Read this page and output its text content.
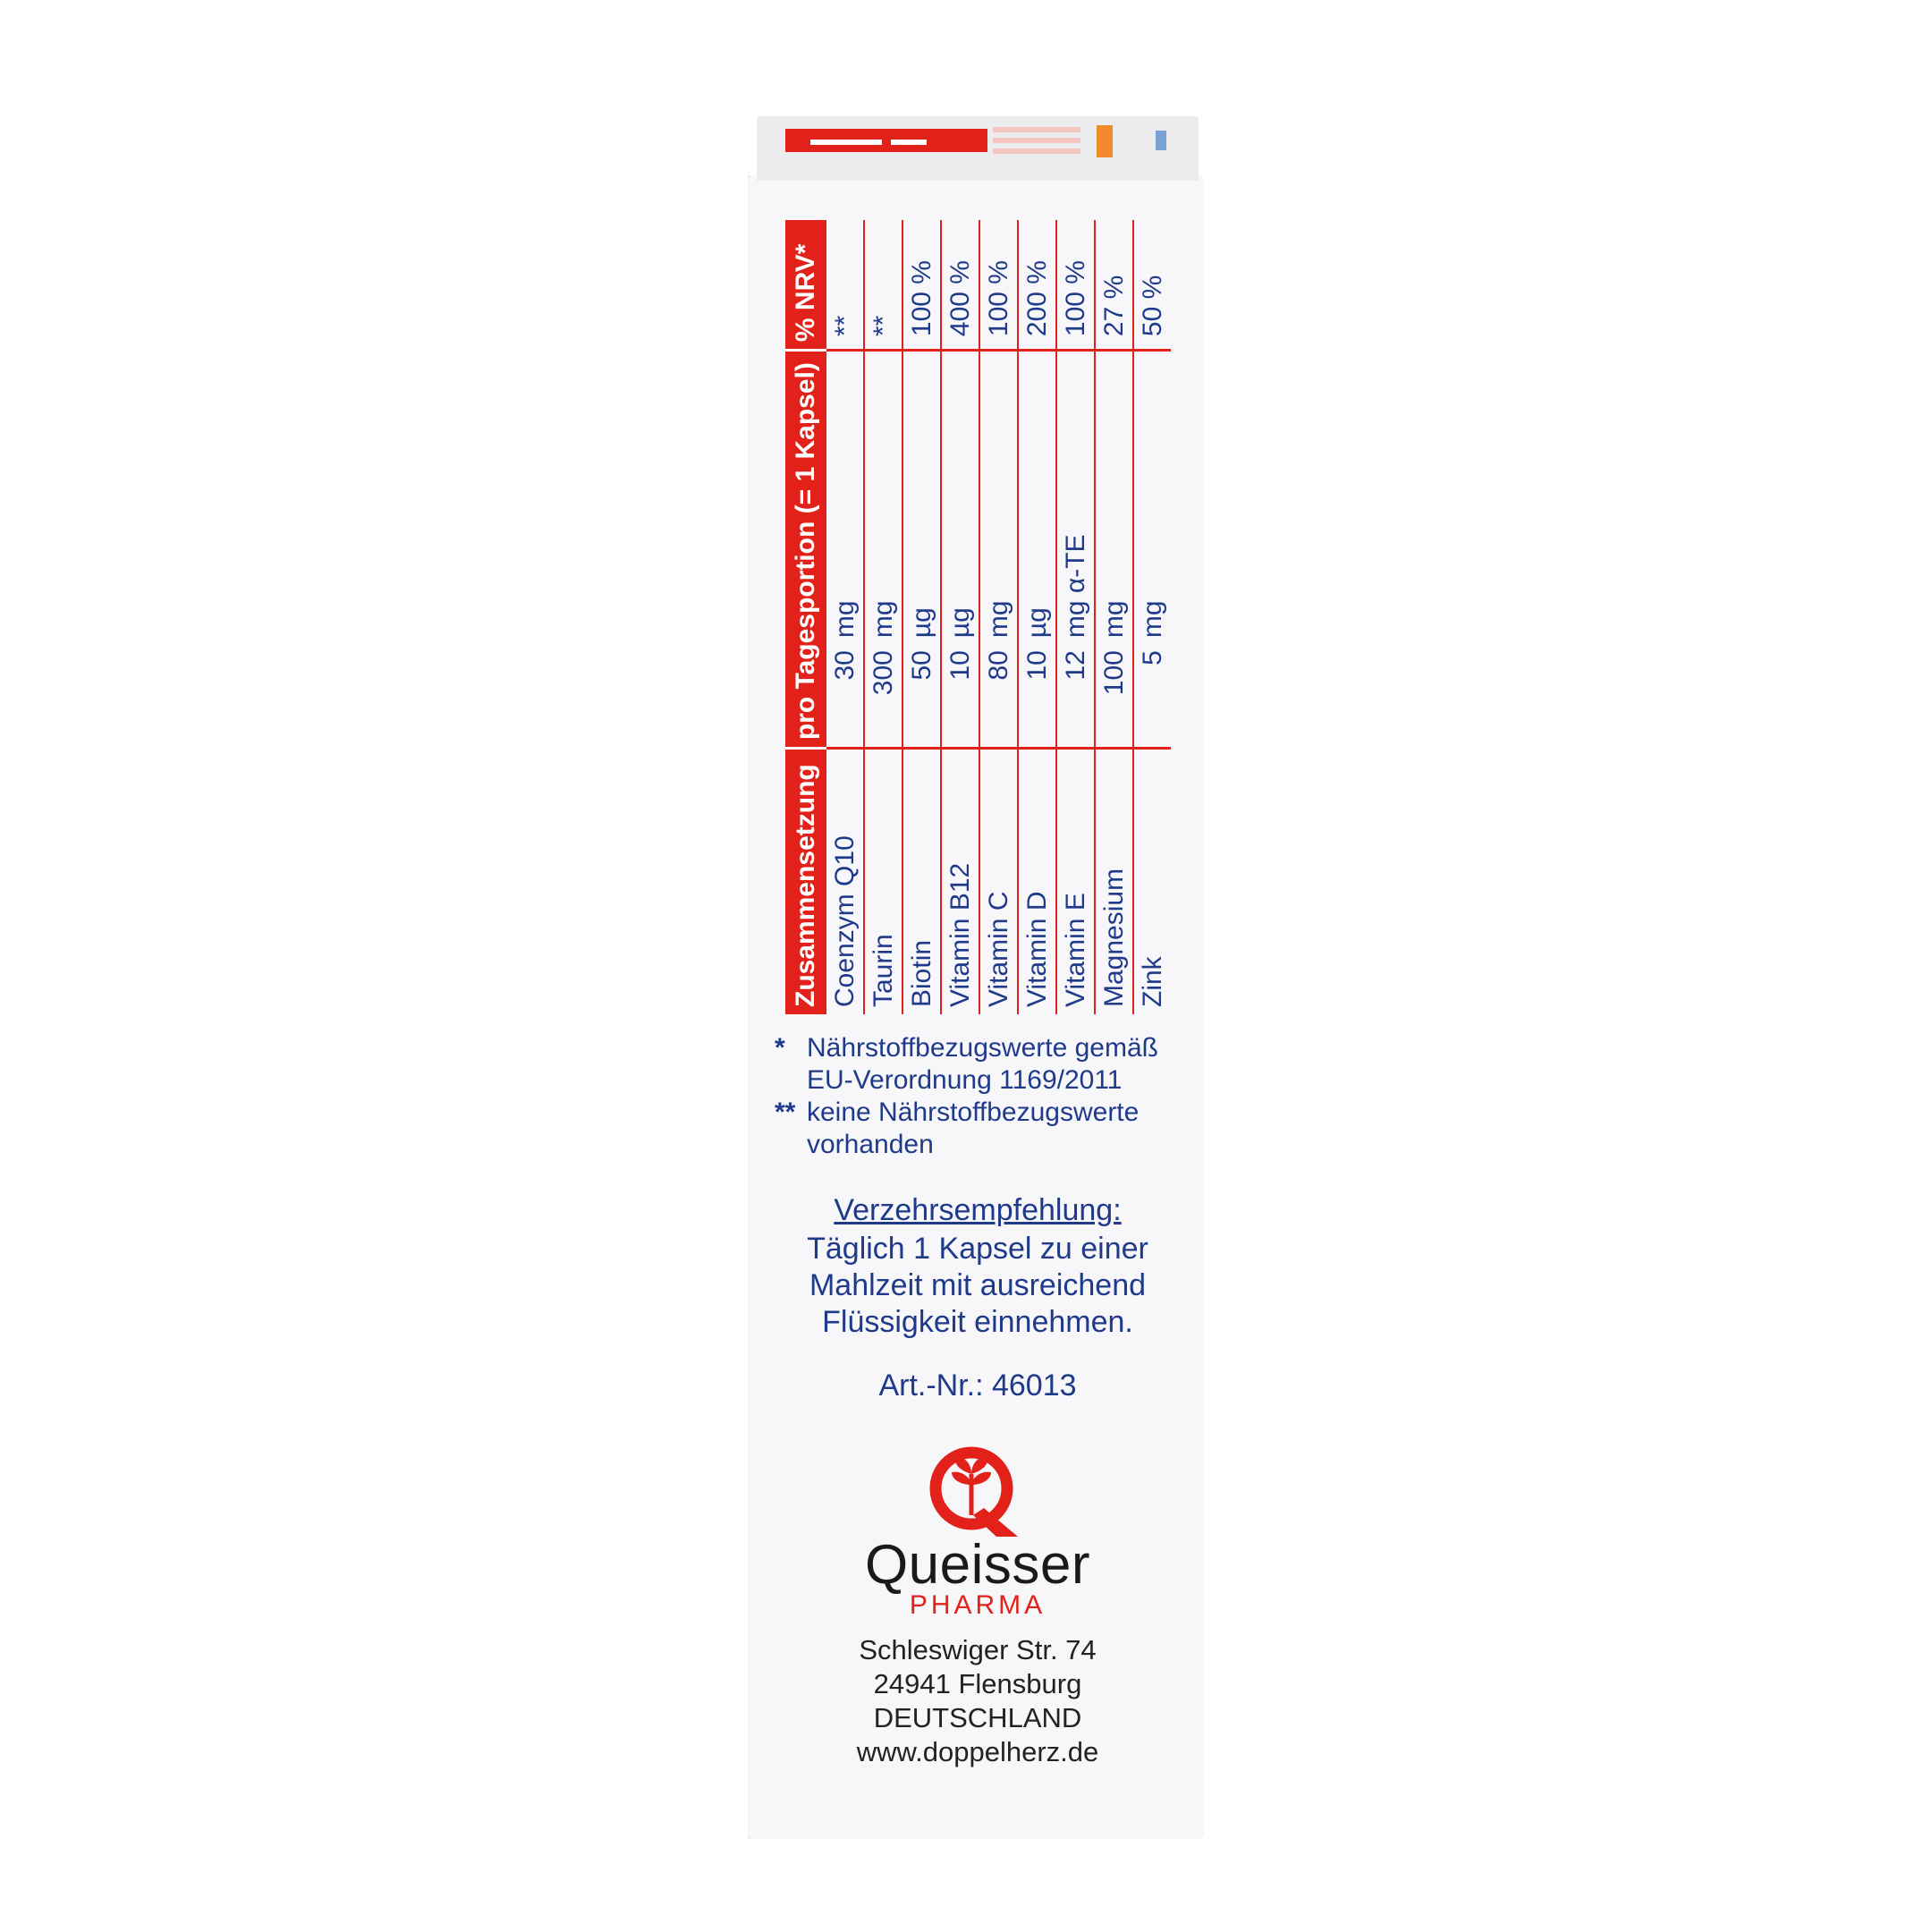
Zusammensetzung	pro Tagesportion (= 1 Kapsel)	% NRV*
Coenzym Q10	30mg	**
Taurin	300mg	**
Biotin	50µg	100 %
Vitamin B12	10µg	400 %
Vitamin C	80mg	100 %
Vitamin D	10µg	200 %
Vitamin E	12mg α-TE	100 %
Magnesium	100mg	27 %
Zink	5mg	50 %
* Nährstoffbezugswerte gemäß EU-Verordnung 1169/2011
** keine Nährstoffbezugswerte vorhanden
Verzehrsempfehlung:
Täglich 1 Kapsel zu einer
Mahlzeit mit ausreichend
Flüssigkeit einnehmen.
Art.-Nr.: 46013
Queisser
PHARMA
Schleswiger Str. 74
24941 Flensburg
DEUTSCHLAND
www.doppelherz.de
